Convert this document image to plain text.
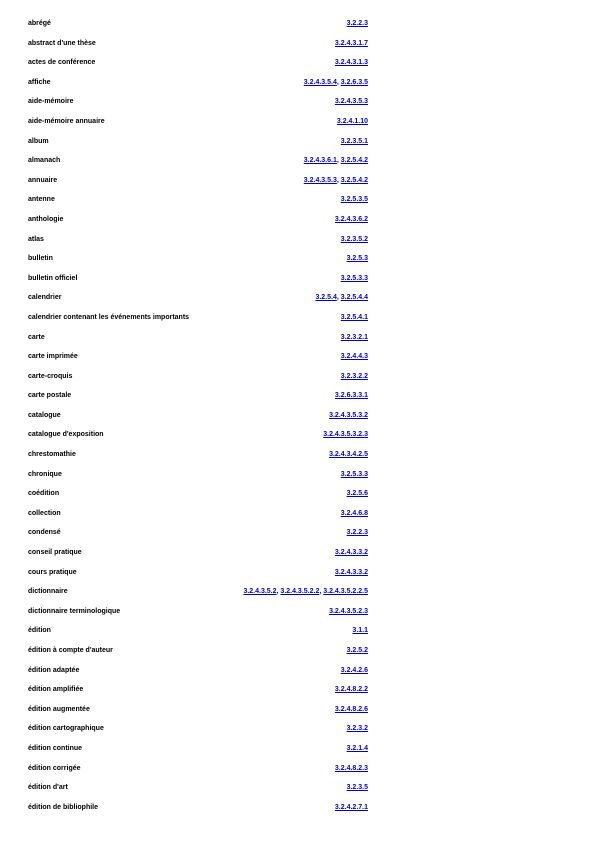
abrégé	3.2.2.3
abstract d'une thèse	3.2.4.3.1.7
actes de conférence	3.2.4.3.1.3
affiche	3.2.4.3.5.4, 3.2.6.3.5
aide-mémoire	3.2.4.3.5.3
aide-mémoire annuaire	3.2.4.1.10
album	3.2.3.5.1
almanach	3.2.4.3.6.1, 3.2.5.4.2
annuaire	3.2.4.3.5.3, 3.2.5.4.2
antenne	3.2.5.3.5
anthologie	3.2.4.3.6.2
atlas	3.2.3.5.2
bulletin	3.2.5.3
bulletin officiel	3.2.5.3.3
calendrier	3.2.5.4, 3.2.5.4.4
calendrier contenant les événements importants	3.2.5.4.1
carte	3.2.3.2.1
carte imprimée	3.2.4.4.3
carte-croquis	3.2.3.2.2
carte postale	3.2.6.3.3.1
catalogue	3.2.4.3.5.3.2
catalogue d'exposition	3.2.4.3.5.3.2.3
chrestomathie	3.2.4.3.4.2.5
chronique	3.2.5.3.3
coédition	3.2.5.6
collection	3.2.4.6.8
condensé	3.2.2.3
conseil pratique	3.2.4.3.3.2
cours pratique	3.2.4.3.3.2
dictionnaire	3.2.4.3.5.2, 3.2.4.3.5.2.2, 3.2.4.3.5.2.2.5
dictionnaire terminologique	3.2.4.3.5.2.3
édition	3.1.1
édition à compte d'auteur	3.2.5.2
édition adaptée	3.2.4.2.6
édition amplifiée	3.2.4.8.2.2
édition augmentée	3.2.4.8.2.6
édition cartographique	3.2.3.2
édition continue	3.2.1.4
édition corrigée	3.2.4.8.2.3
édition d'art	3.2.3.5
édition de bibliophile	3.2.4.2.7.1
